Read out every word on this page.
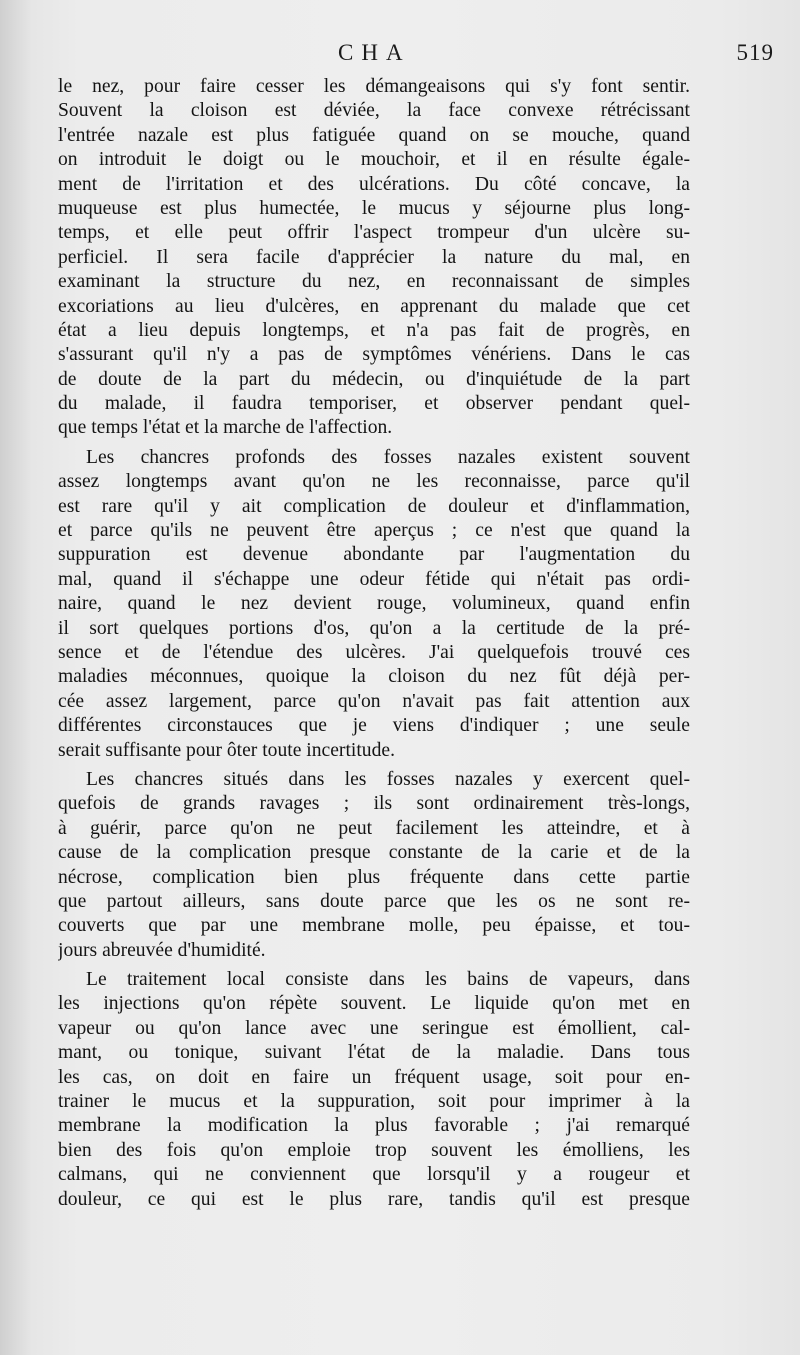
CHA	519
le nez, pour faire cesser les démangeaisons qui s'y font sentir.
Souvent la cloison est déviée, la face convexe rétrécissant
l'entrée nazale est plus fatiguée quand on se mouche, quand
on introduit le doigt ou le mouchoir, et il en résulte égale-
ment de l'irritation et des ulcérations. Du côté concave, la
muqueuse est plus humectée, le mucus y séjourne plus long-
temps, et elle peut offrir l'aspect trompeur d'un ulcère su-
perficiel. Il sera facile d'apprécier la nature du mal, en
examinant la structure du nez, en reconnaissant de simples
excoriations au lieu d'ulcères, en apprenant du malade que cet
état a lieu depuis longtemps, et n'a pas fait de progrès, en
s'assurant qu'il n'y a pas de symptômes vénériens. Dans le cas
de doute de la part du médecin, ou d'inquiétude de la part
du malade, il faudra temporiser, et observer pendant quel-
que temps l'état et la marche de l'affection.
Les chancres profonds des fosses nazales existent souvent
assez longtemps avant qu'on ne les reconnaisse, parce qu'il
est rare qu'il y ait complication de douleur et d'inflammation,
et parce qu'ils ne peuvent être aperçus ; ce n'est que quand la
suppuration est devenue abondante par l'augmentation du
mal, quand il s'échappe une odeur fétide qui n'était pas ordi-
naire, quand le nez devient rouge, volumineux, quand enfin
il sort quelques portions d'os, qu'on a la certitude de la pré-
sence et de l'étendue des ulcères. J'ai quelquefois trouvé ces
maladies méconnues, quoique la cloison du nez fût déjà per-
cée assez largement, parce qu'on n'avait pas fait attention aux
différentes circonstauces que je viens d'indiquer ; une seule
serait suffisante pour ôter toute incertitude.
Les chancres situés dans les fosses nazales y exercent quel-
quefois de grands ravages ; ils sont ordinairement très-longs,
à guérir, parce qu'on ne peut facilement les atteindre, et à
cause de la complication presque constante de la carie et de la
nécrose, complication bien plus fréquente dans cette partie
que partout ailleurs, sans doute parce que les os ne sont re-
couverts que par une membrane molle, peu épaisse, et tou-
jours abreuvée d'humidité.
Le traitement local consiste dans les bains de vapeurs, dans
les injections qu'on répète souvent. Le liquide qu'on met en
vapeur ou qu'on lance avec une seringue est émollient, cal-
mant, ou tonique, suivant l'état de la maladie. Dans tous
les cas, on doit en faire un fréquent usage, soit pour en-
trainer le mucus et la suppuration, soit pour imprimer à la
membrane la modification la plus favorable ; j'ai remarqué
bien des fois qu'on emploie trop souvent les émolliens, les
calmans, qui ne conviennent que lorsqu'il y a rougeur et
douleur, ce qui est le plus rare, tandis qu'il est presque
